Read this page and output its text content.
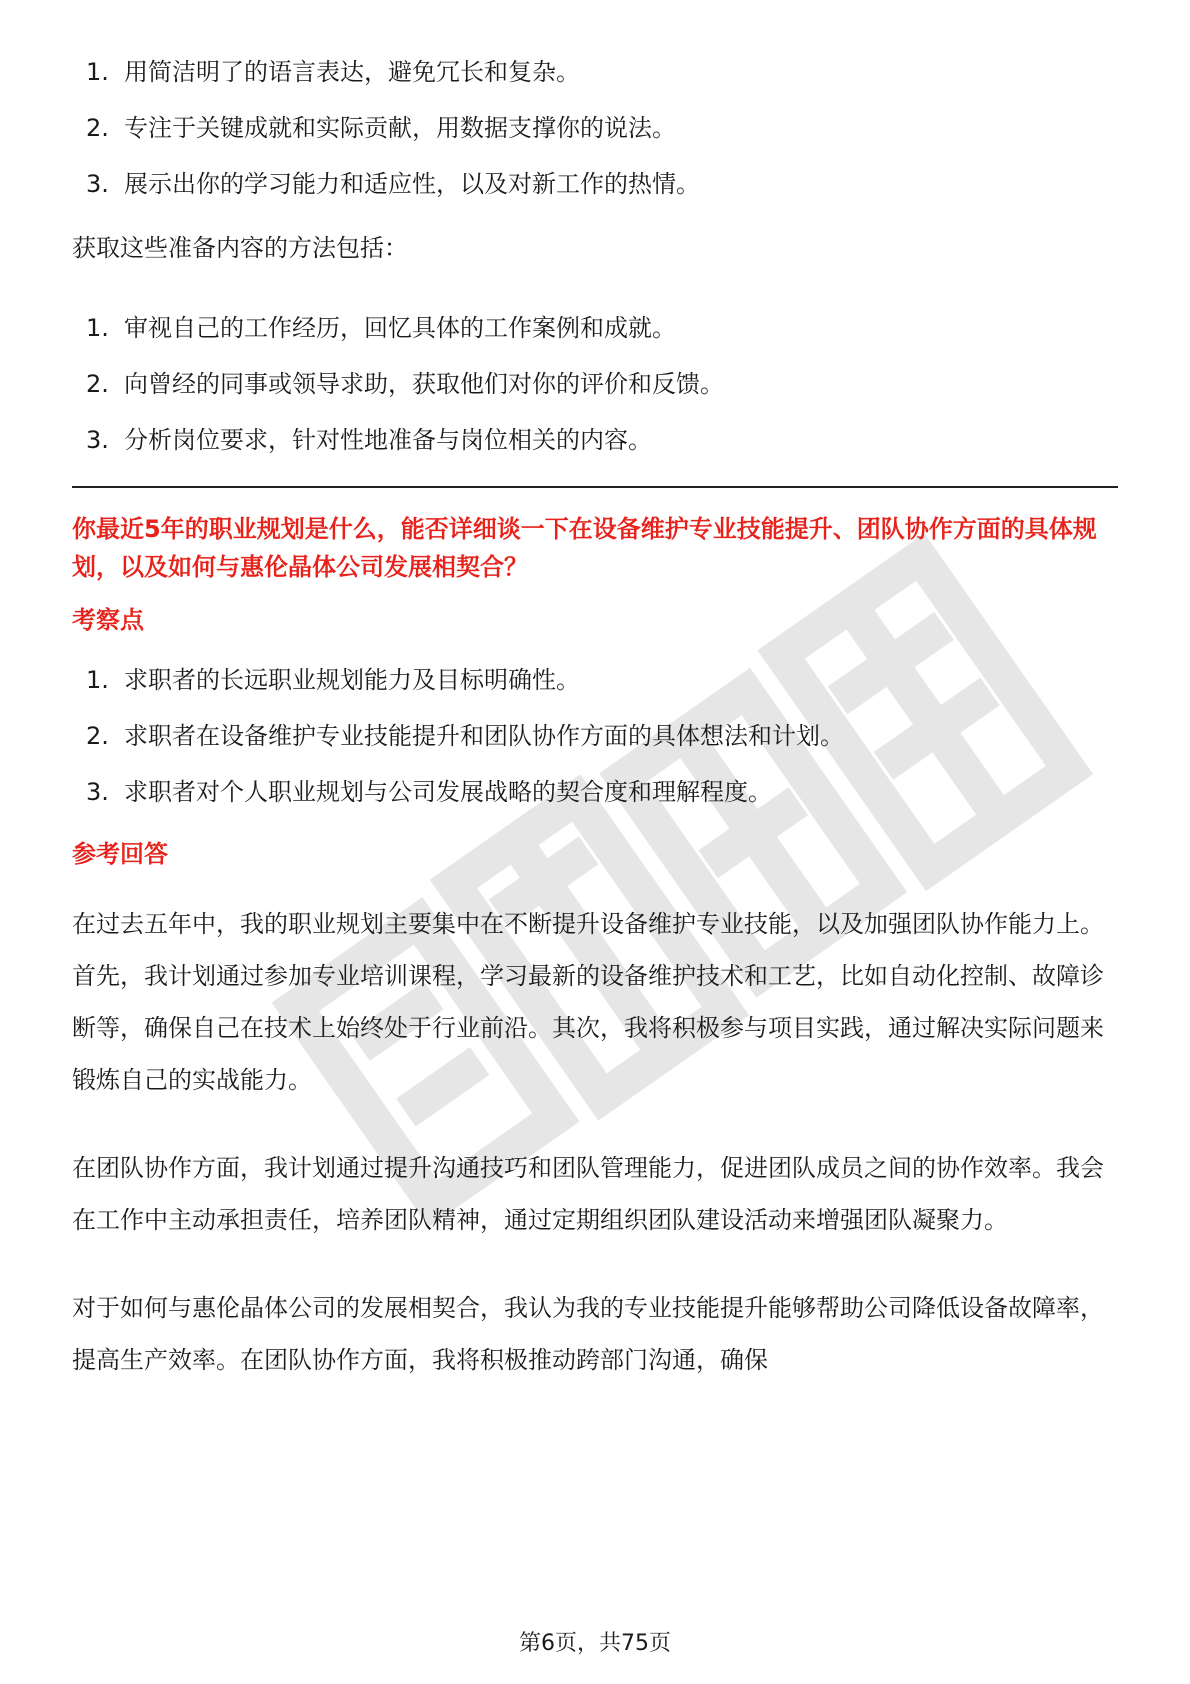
1. 用简洁明了的语言表达，避免冗长和复杂。
2. 专注于关键成就和实际贡献，用数据支撑你的说法。
3. 展示出你的学习能力和适应性，以及对新工作的热情。

获取这些准备内容的方法包括：

1. 审视自己的工作经历，回忆具体的工作案例和成就。
2. 向曾经的同事或领导求助，获取他们对你的评价和反馈。
3. 分析岗位要求，针对性地准备与岗位相关的内容。

你最近5年的职业规划是什么，能否详细谈一下在设备维护专业技能提升、团队协作方面的具体规划，以及如何与惠伦晶体公司发展相契合？

考察点
1. 求职者的长远职业规划能力及目标明确性。
2. 求职者在设备维护专业技能提升和团队协作方面的具体想法和计划。
3. 求职者对个人职业规划与公司发展战略的契合度和理解程度。
参考回答

在过去五年中，我的职业规划主要集中在不断提升设备维护专业技能，以及加强团队协作能力上。首先，我计划通过参加专业培训课程，学习最新的设备维护技术和工艺，比如自动化控制、故障诊断等，确保自己在技术上始终处于行业前沿。其次，我将积极参与项目实践，通过解决实际问题来锻炼自己的实战能力。

在团队协作方面，我计划通过提升沟通技巧和团队管理能力，促进团队成员之间的协作效率。我会在工作中主动承担责任，培养团队精神，通过定期组织团队建设活动来增强团队凝聚力。

对于如何与惠伦晶体公司的发展相契合，我认为我的专业技能提升能够帮助公司降低设备故障率，提高生产效率。在团队协作方面，我将积极推动跨部门沟通，确保

第6页，共75页
